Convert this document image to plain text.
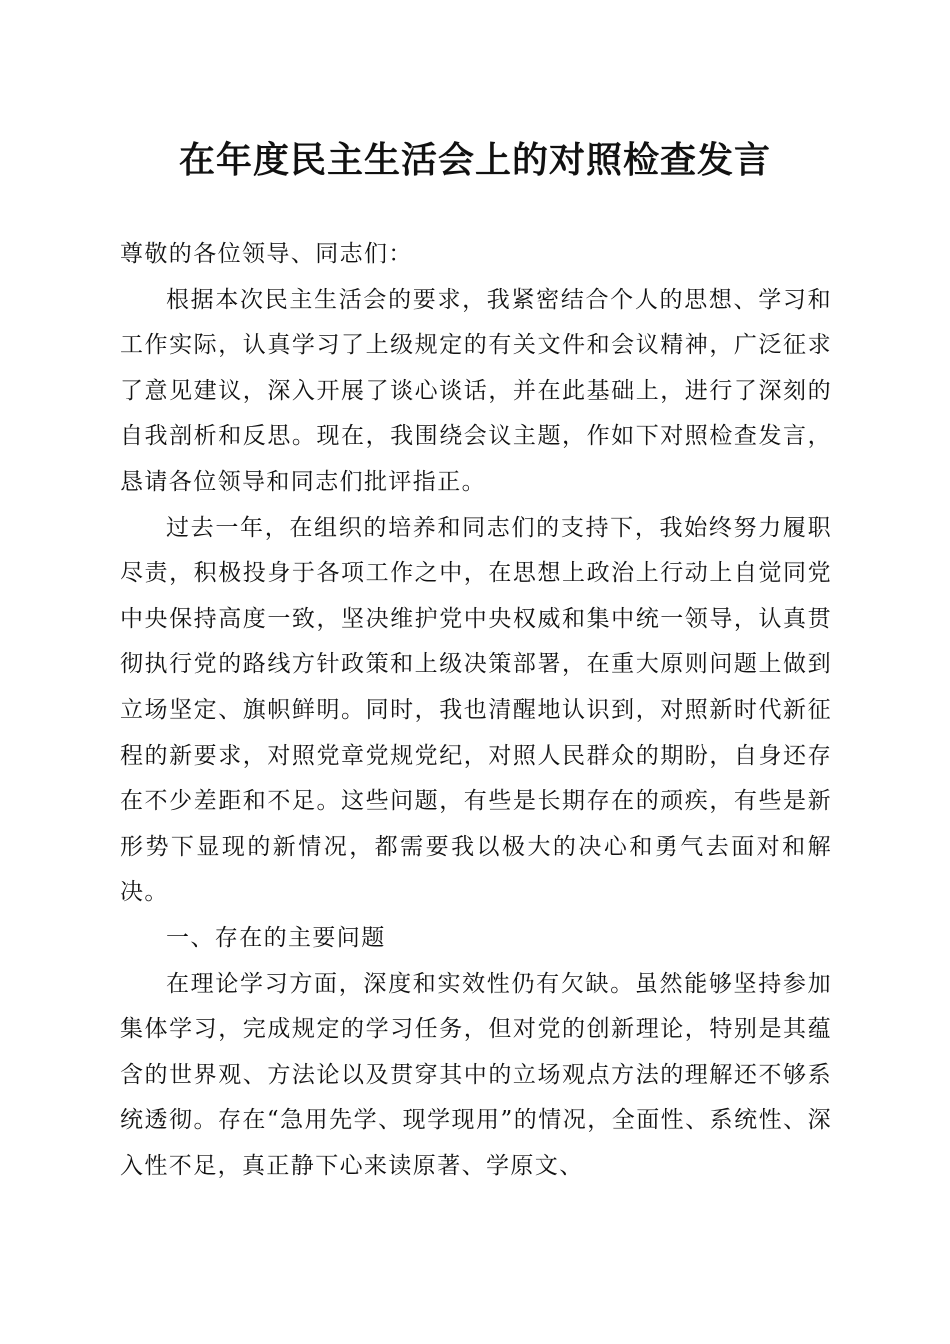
在年度民主生活会上的对照检查发言

尊敬的各位领导、同志们：

根据本次民主生活会的要求，我紧密结合个人的思想、学习和工作实际，认真学习了上级规定的有关文件和会议精神，广泛征求了意见建议，深入开展了谈心谈话，并在此基础上，进行了深刻的自我剖析和反思。现在，我围绕会议主题，作如下对照检查发言，恳请各位领导和同志们批评指正。

过去一年，在组织的培养和同志们的支持下，我始终努力履职尽责，积极投身于各项工作之中，在思想上政治上行动上自觉同党中央保持高度一致，坚决维护党中央权威和集中统一领导，认真贯彻执行党的路线方针政策和上级决策部署，在重大原则问题上做到立场坚定、旗帜鲜明。同时，我也清醒地认识到，对照新时代新征程的新要求，对照党章党规党纪，对照人民群众的期盼，自身还存在不少差距和不足。这些问题，有些是长期存在的顽疾，有些是新形势下显现的新情况，都需要我以极大的决心和勇气去面对和解决。

一、存在的主要问题

在理论学习方面，深度和实效性仍有欠缺。虽然能够坚持参加集体学习，完成规定的学习任务，但对党的创新理论，特别是其蕴含的世界观、方法论以及贯穿其中的立场观点方法的理解还不够系统透彻。存在“急用先学、现学现用”的情况，全面性、系统性、深入性不足，真正静下心来读原著、学原文、
